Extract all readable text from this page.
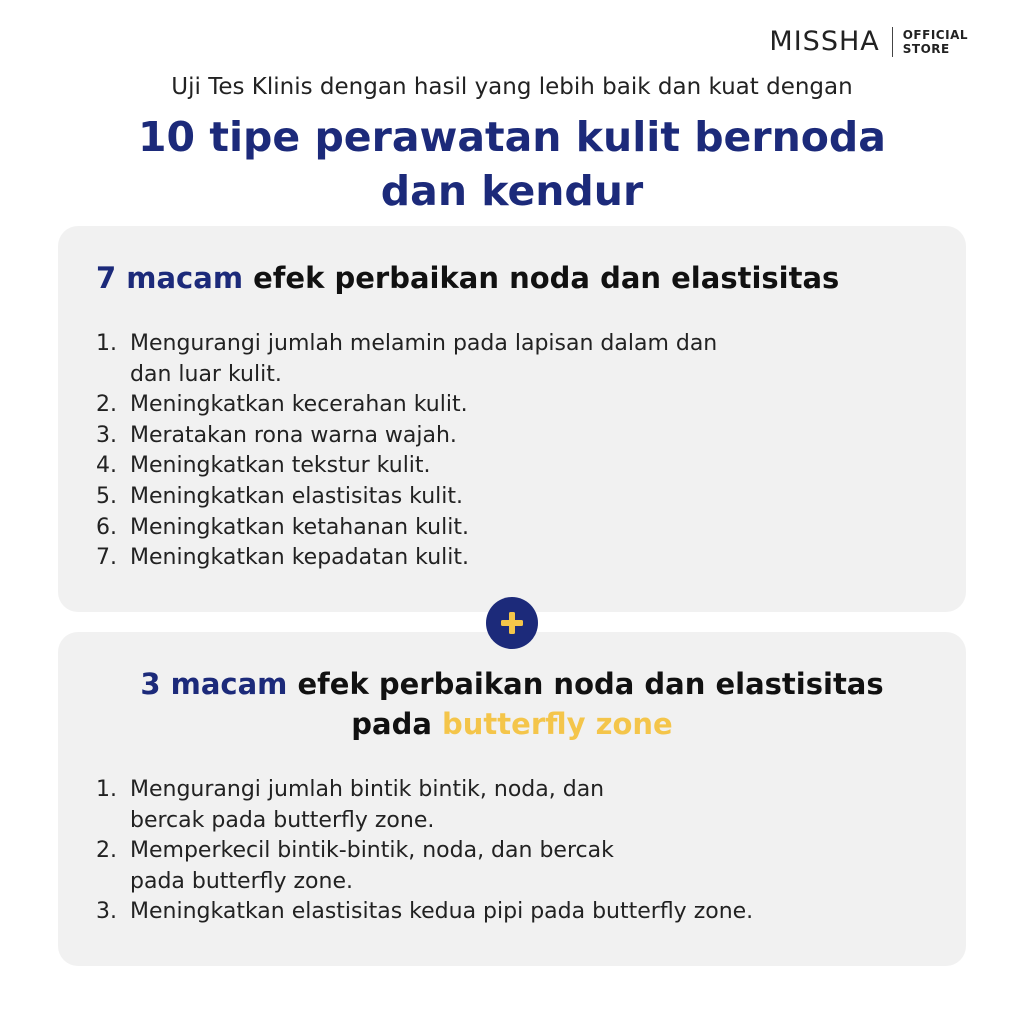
MISSHA OFFICIAL
STORE
Uji Tes Klinis dengan hasil yang lebih baik dan kuat dengan
10 tipe perawatan kulit bernoda
dan kendur
7 macam efek perbaikan noda dan elastisitas
1. Mengurangi jumlah melamin pada lapisan dalam dan
dan luar kulit.
2. Meningkatkan kecerahan kulit.
3. Meratakan rona warna wajah.
4. Meningkatkan tekstur kulit.
5. Meningkatkan elastisitas kulit.
6. Meningkatkan ketahanan kulit.
7. Meningkatkan kepadatan kulit.
3 macam efek perbaikan noda dan elastisitas
pada butterfly zone
1. Mengurangi jumlah bintik bintik, noda, dan
bercak pada butterfly zone.
2. Memperkecil bintik-bintik, noda, dan bercak
pada butterfly zone.
3. Meningkatkan elastisitas kedua pipi pada butterfly zone.
